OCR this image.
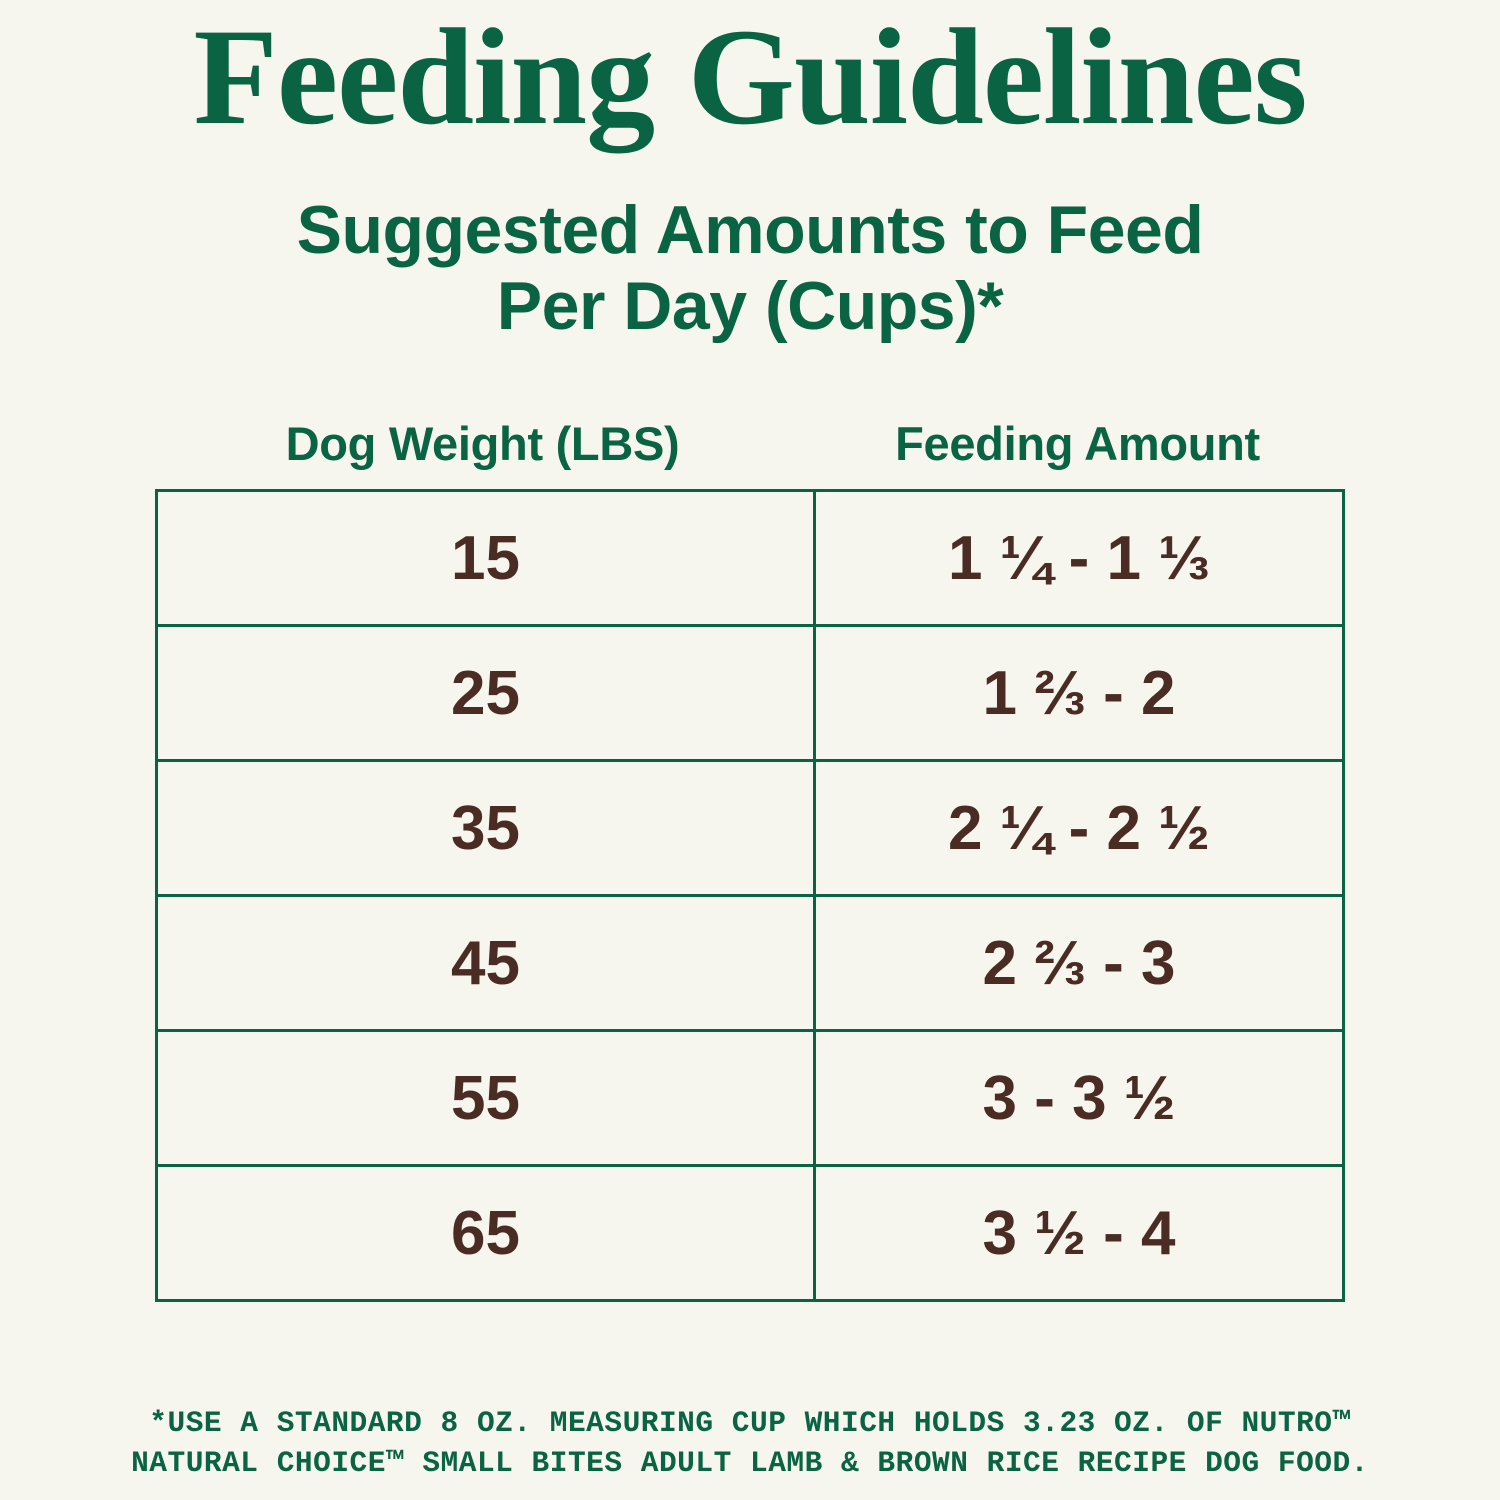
Feeding Guidelines
Suggested Amounts to Feed
Per Day (Cups)*
Dog Weight (LBS)	Feeding Amount
15	1 ¼ - 1 ⅓
25	1 ⅔ - 2
35	2 ¼ - 2 ½
45	2 ⅔ - 3
55	3 - 3 ½
65	3 ½ - 4
*USE A STANDARD 8 OZ. MEASURING CUP WHICH HOLDS 3.23 OZ. OF NUTRO™
NATURAL CHOICE™ SMALL BITES ADULT LAMB & BROWN RICE RECIPE DOG FOOD.
